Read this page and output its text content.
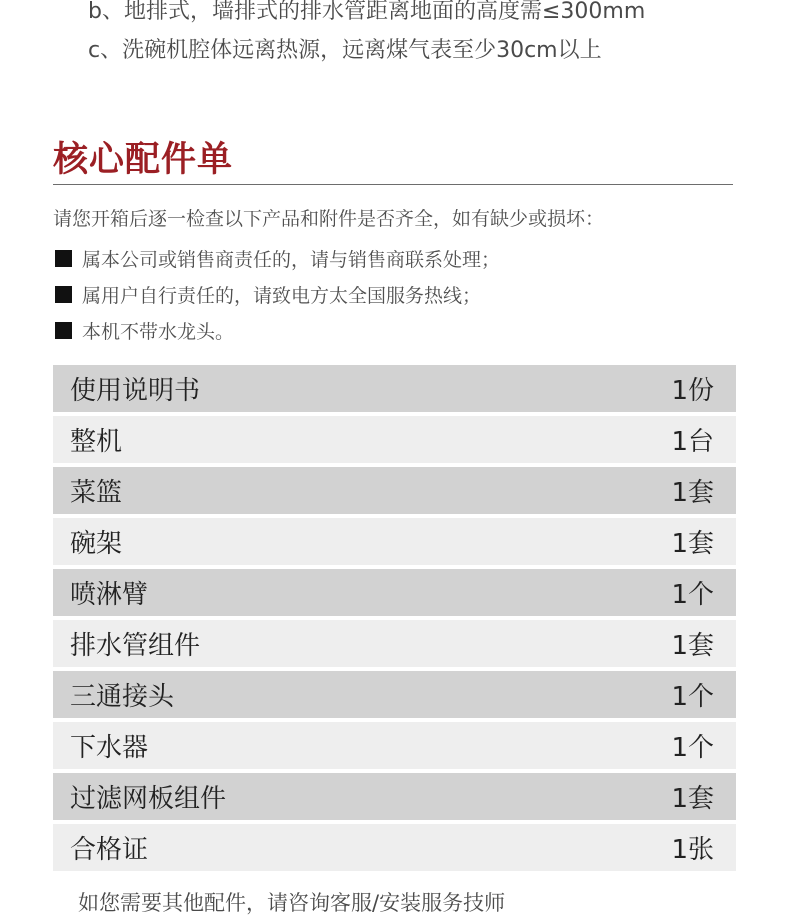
b、地排式，墙排式的排水管距离地面的高度需≤300mm
c、洗碗机腔体远离热源，远离煤气表至少30cm以上
核心配件单
请您开箱后逐一检查以下产品和附件是否齐全，如有缺少或损坏：
属本公司或销售商责任的，请与销售商联系处理；
属用户自行责任的，请致电方太全国服务热线；
本机不带水龙头。
使用说明书	1份
整机	1台
菜篮	1套
碗架	1套
喷淋臂	1个
排水管组件	1套
三通接头	1个
下水器	1个
过滤网板组件	1套
合格证	1张
如您需要其他配件，请咨询客服/安装服务技师
